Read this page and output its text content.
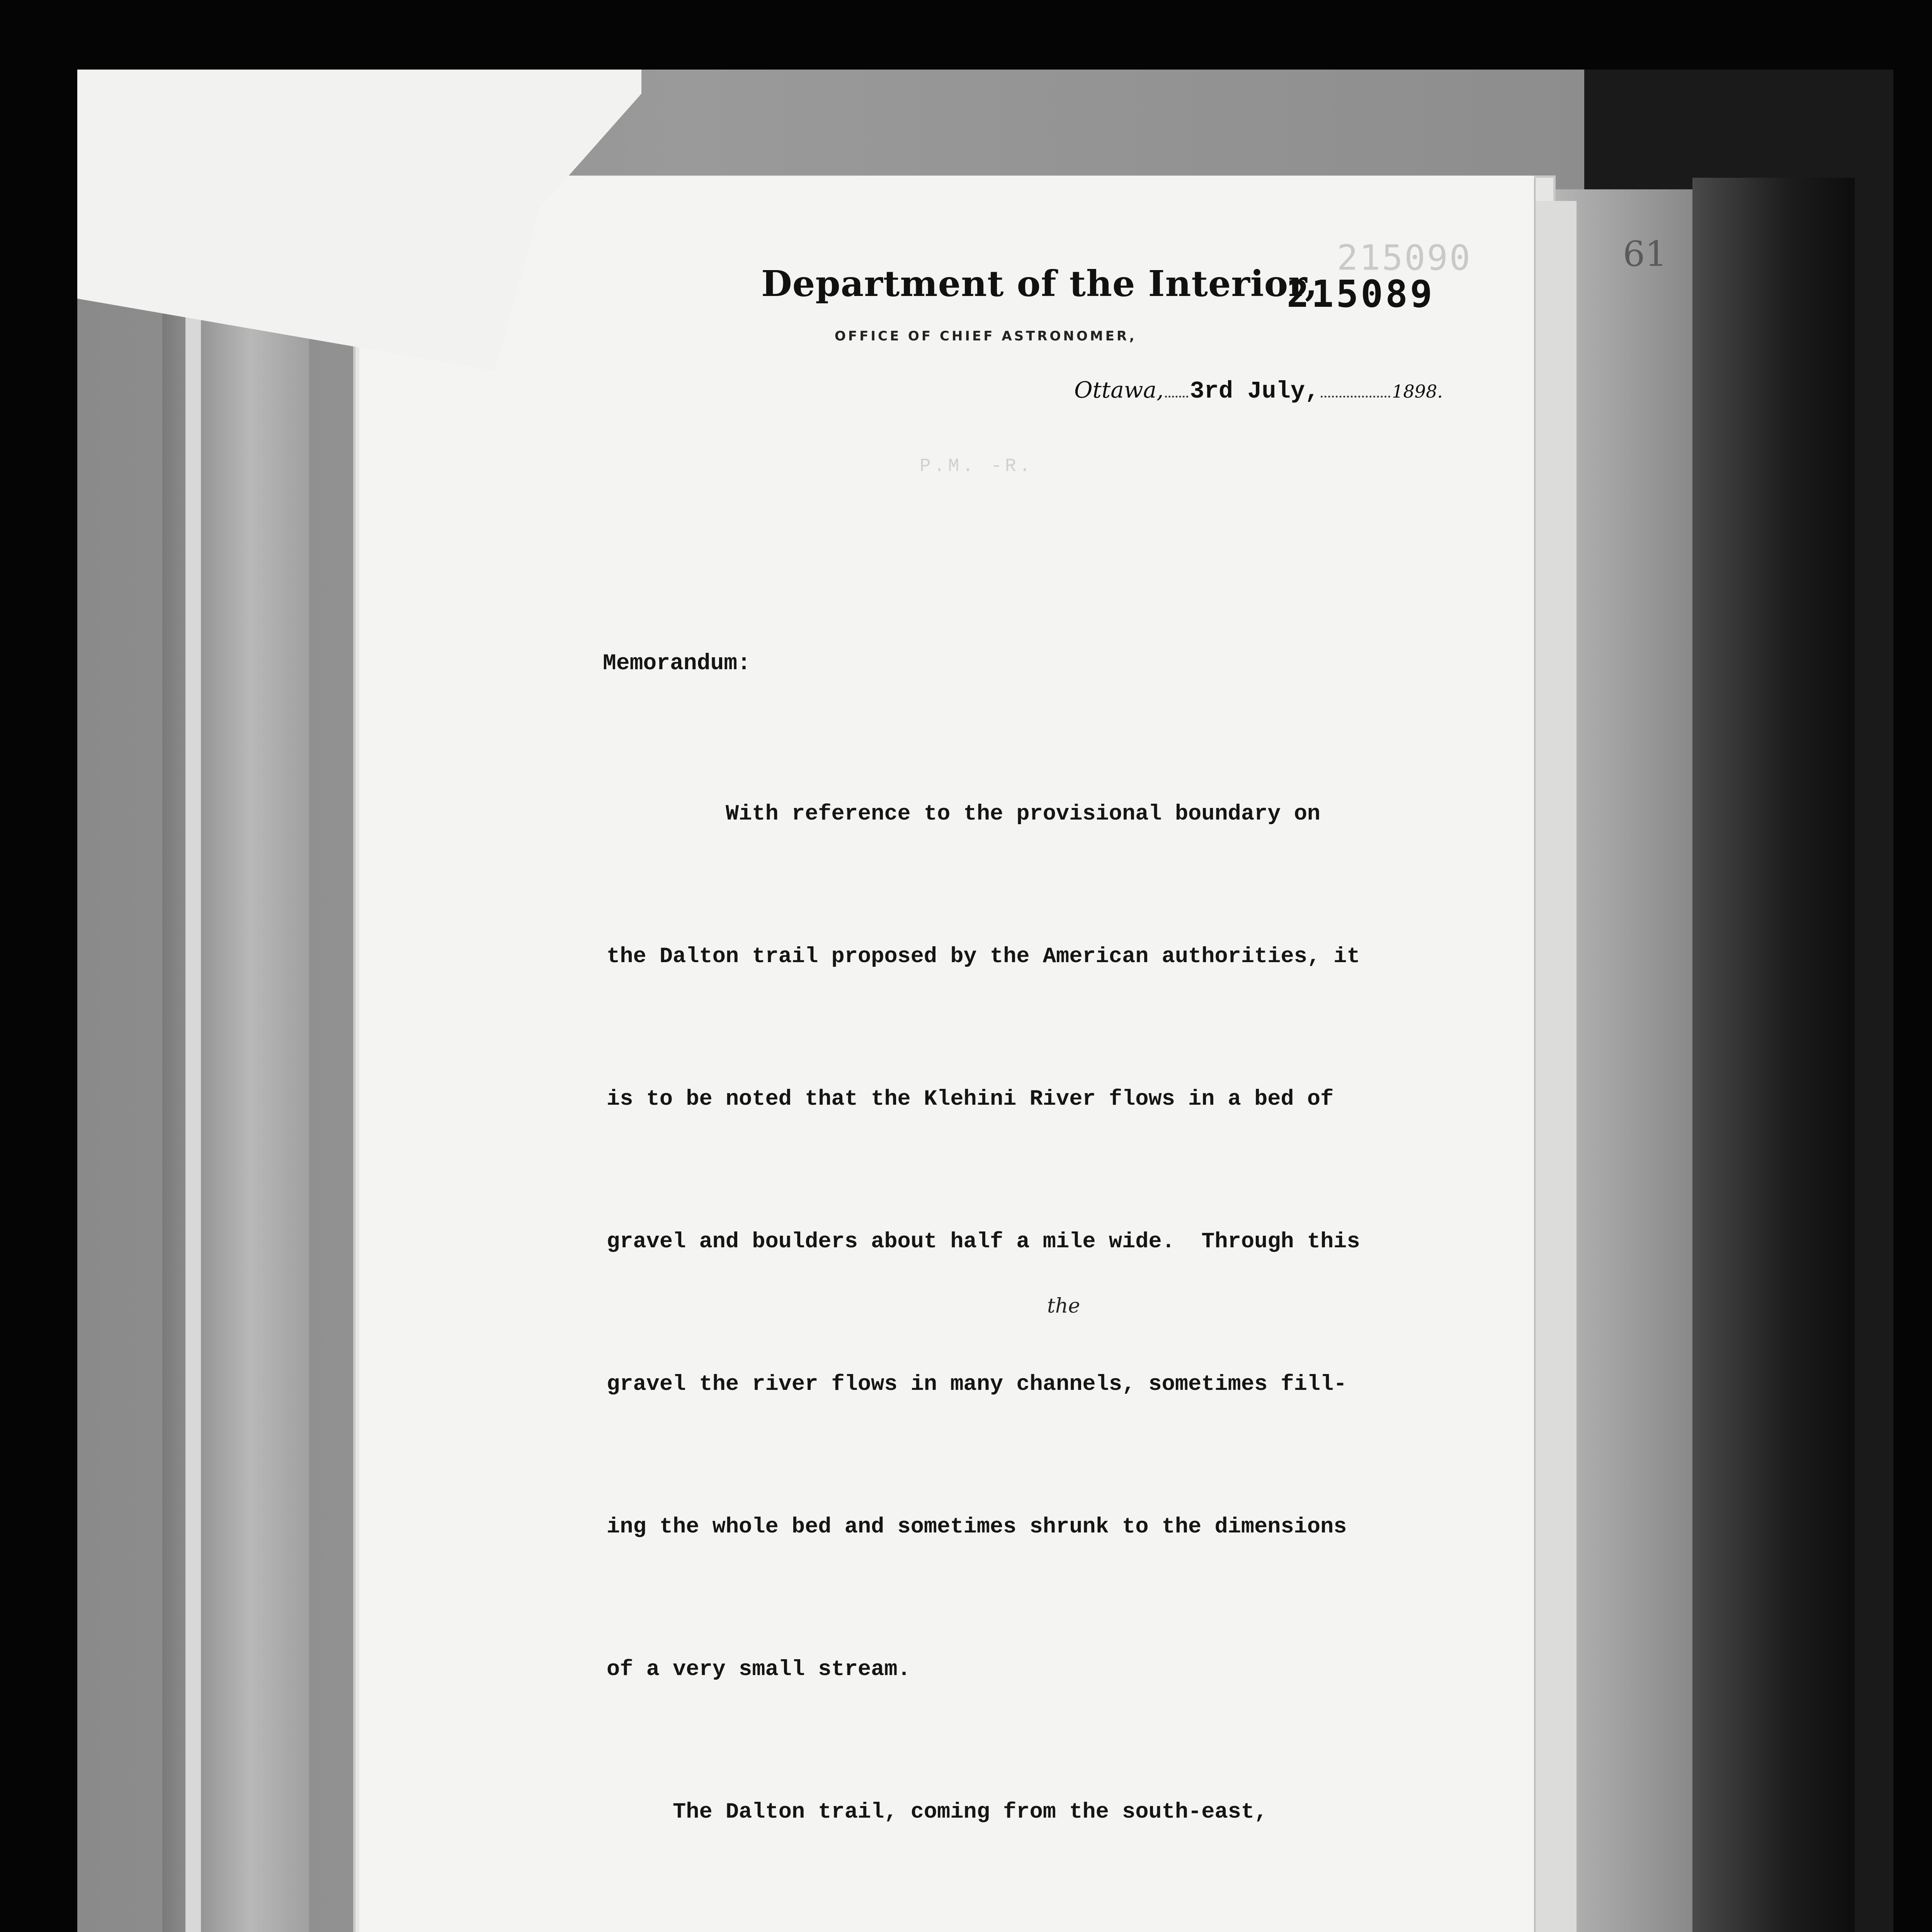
215090	61
Department of the Interior,
215089
OFFICE OF CHIEF ASTRONOMER,
Ottawa, 3rd July,	1898.
P.M. -R.
Memorandum:

With reference to the provisional boundary on

the Dalton trail proposed by the American authorities, it

is to be noted that the Klehini River flows in a bed of

gravel and boulders about half a mile wide.  Through this

gravel the river flows in many channels, sometimes fill-

ing the whole bed and sometimes shrunk to the dimensions

of a very small stream.

The Dalton trail, coming from the south-east,

the
